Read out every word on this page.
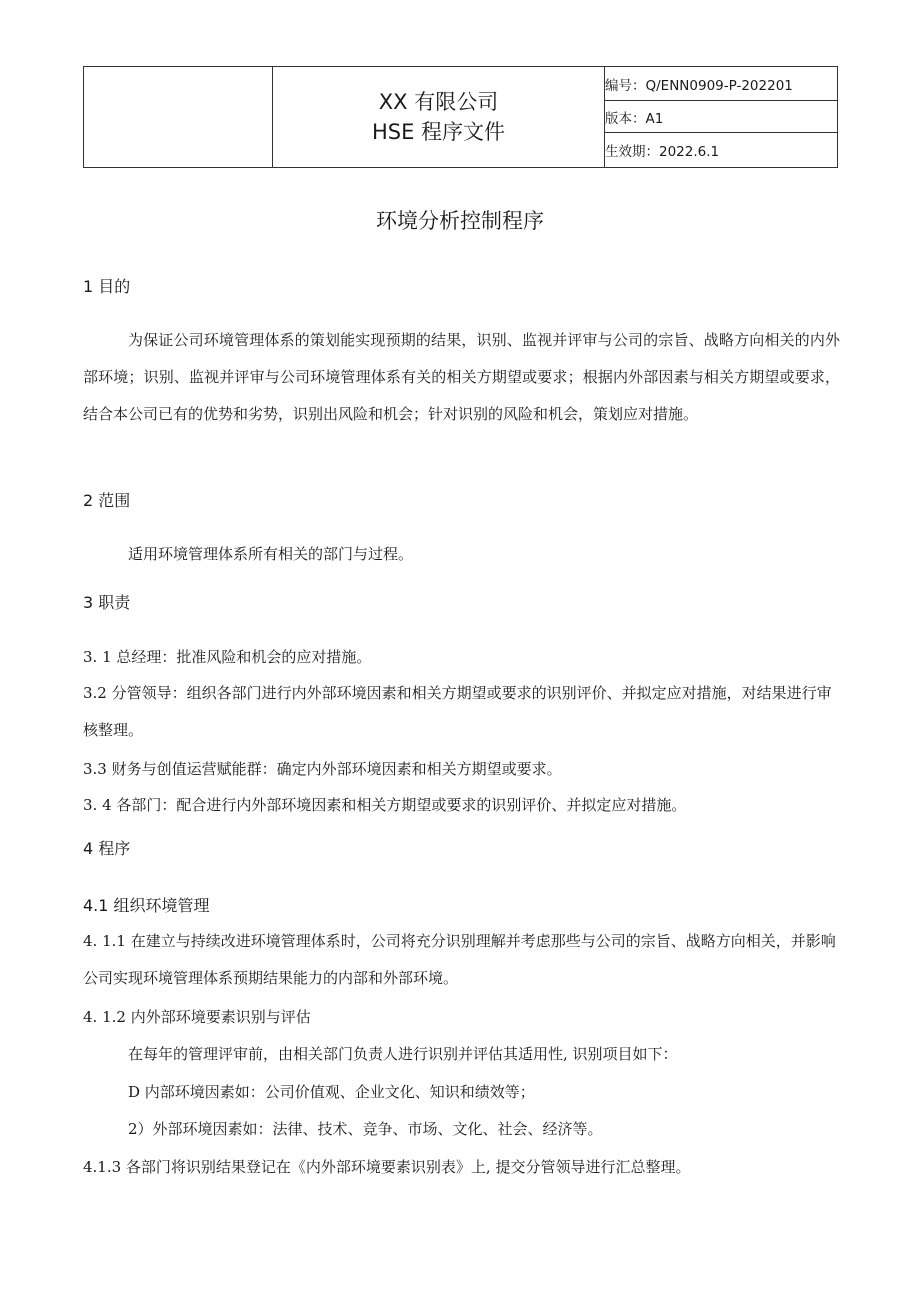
XX 有限公司
HSE 程序文件
	编号：Q/ENN0909-P-202201
版本：A1
生效期：2022.6.1
环境分析控制程序
1 目的
为保证公司环境管理体系的策划能实现预期的结果，识别、监视并评审与公司的宗旨、战略方向相关的内外部环境；识别、监视并评审与公司环境管理体系有关的相关方期望或要求；根据内外部因素与相关方期望或要求，结合本公司已有的优势和劣势，识别出风险和机会；针对识别的风险和机会，策划应对措施。
2 范围
适用环境管理体系所有相关的部门与过程。
3 职责
3. 1 总经理：批准风险和机会的应对措施。
3.2 分管领导：组织各部门进行内外部环境因素和相关方期望或要求的识别评价、并拟定应对措施，对结果进行审核整理。
3.3 财务与创值运营赋能群：确定内外部环境因素和相关方期望或要求。
3. 4 各部门：配合进行内外部环境因素和相关方期望或要求的识别评价、并拟定应对措施。
4 程序
4.1 组织环境管理
4. 1.1 在建立与持续改进环境管理体系时，公司将充分识别理解并考虑那些与公司的宗旨、战略方向相关，并影响公司实现环境管理体系预期结果能力的内部和外部环境。
4. 1.2 内外部环境要素识别与评估
在每年的管理评审前，由相关部门负责人进行识别并评估其适用性, 识别项目如下：
D 内部环境因素如：公司价值观、企业文化、知识和绩效等；
2）外部环境因素如：法律、技术、竞争、市场、文化、社会、经济等。
4.1.3 各部门将识别结果登记在《内外部环境要素识别表》上, 提交分管领导进行汇总整理。
